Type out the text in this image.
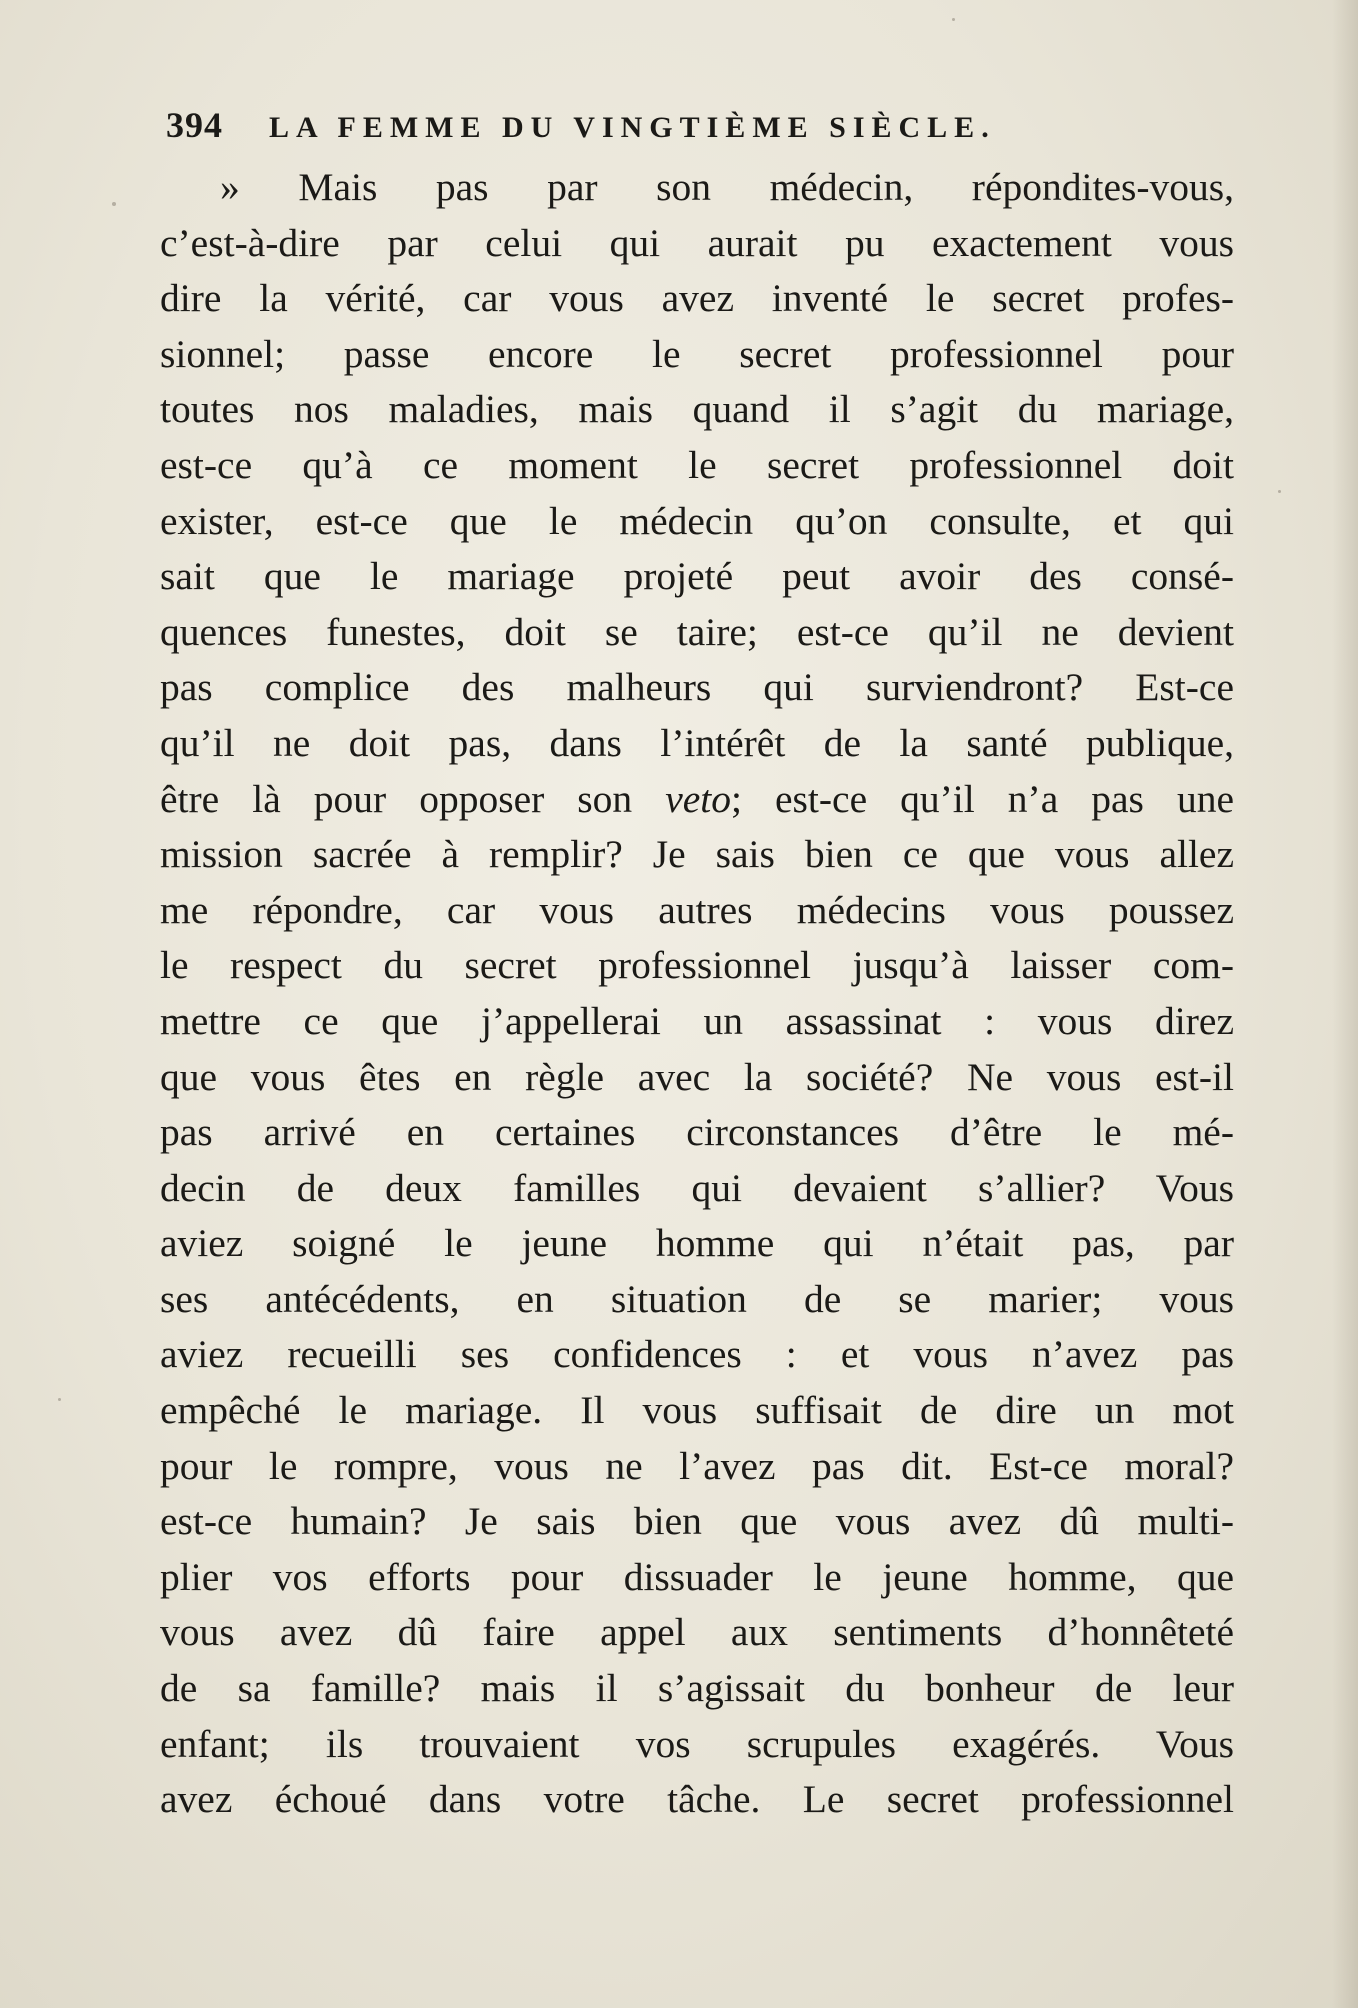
394 LA FEMME DU VINGTIÈME SIÈCLE.
» Mais pas par son médecin, répondites-vous,
c’est-à-dire par celui qui aurait pu exactement vous
dire la vérité, car vous avez inventé le secret profes-
sionnel; passe encore le secret professionnel pour
toutes nos maladies, mais quand il s’agit du mariage,
est-ce qu’à ce moment le secret professionnel doit
exister, est-ce que le médecin qu’on consulte, et qui
sait que le mariage projeté peut avoir des consé-
quences funestes, doit se taire; est-ce qu’il ne devient
pas complice des malheurs qui surviendront? Est-ce
qu’il ne doit pas, dans l’intérêt de la santé publique,
être là pour opposer son veto; est-ce qu’il n’a pas une
mission sacrée à remplir? Je sais bien ce que vous allez
me répondre, car vous autres médecins vous poussez
le respect du secret professionnel jusqu’à laisser com-
mettre ce que j’appellerai un assassinat : vous direz
que vous êtes en règle avec la société? Ne vous est-il
pas arrivé en certaines circonstances d’être le mé-
decin de deux familles qui devaient s’allier? Vous
aviez soigné le jeune homme qui n’était pas, par
ses antécédents, en situation de se marier; vous
aviez recueilli ses confidences : et vous n’avez pas
empêché le mariage. Il vous suffisait de dire un mot
pour le rompre, vous ne l’avez pas dit. Est-ce moral?
est-ce humain? Je sais bien que vous avez dû multi-
plier vos efforts pour dissuader le jeune homme, que
vous avez dû faire appel aux sentiments d’honnêteté
de sa famille? mais il s’agissait du bonheur de leur
enfant; ils trouvaient vos scrupules exagérés. Vous
avez échoué dans votre tâche. Le secret professionnel
